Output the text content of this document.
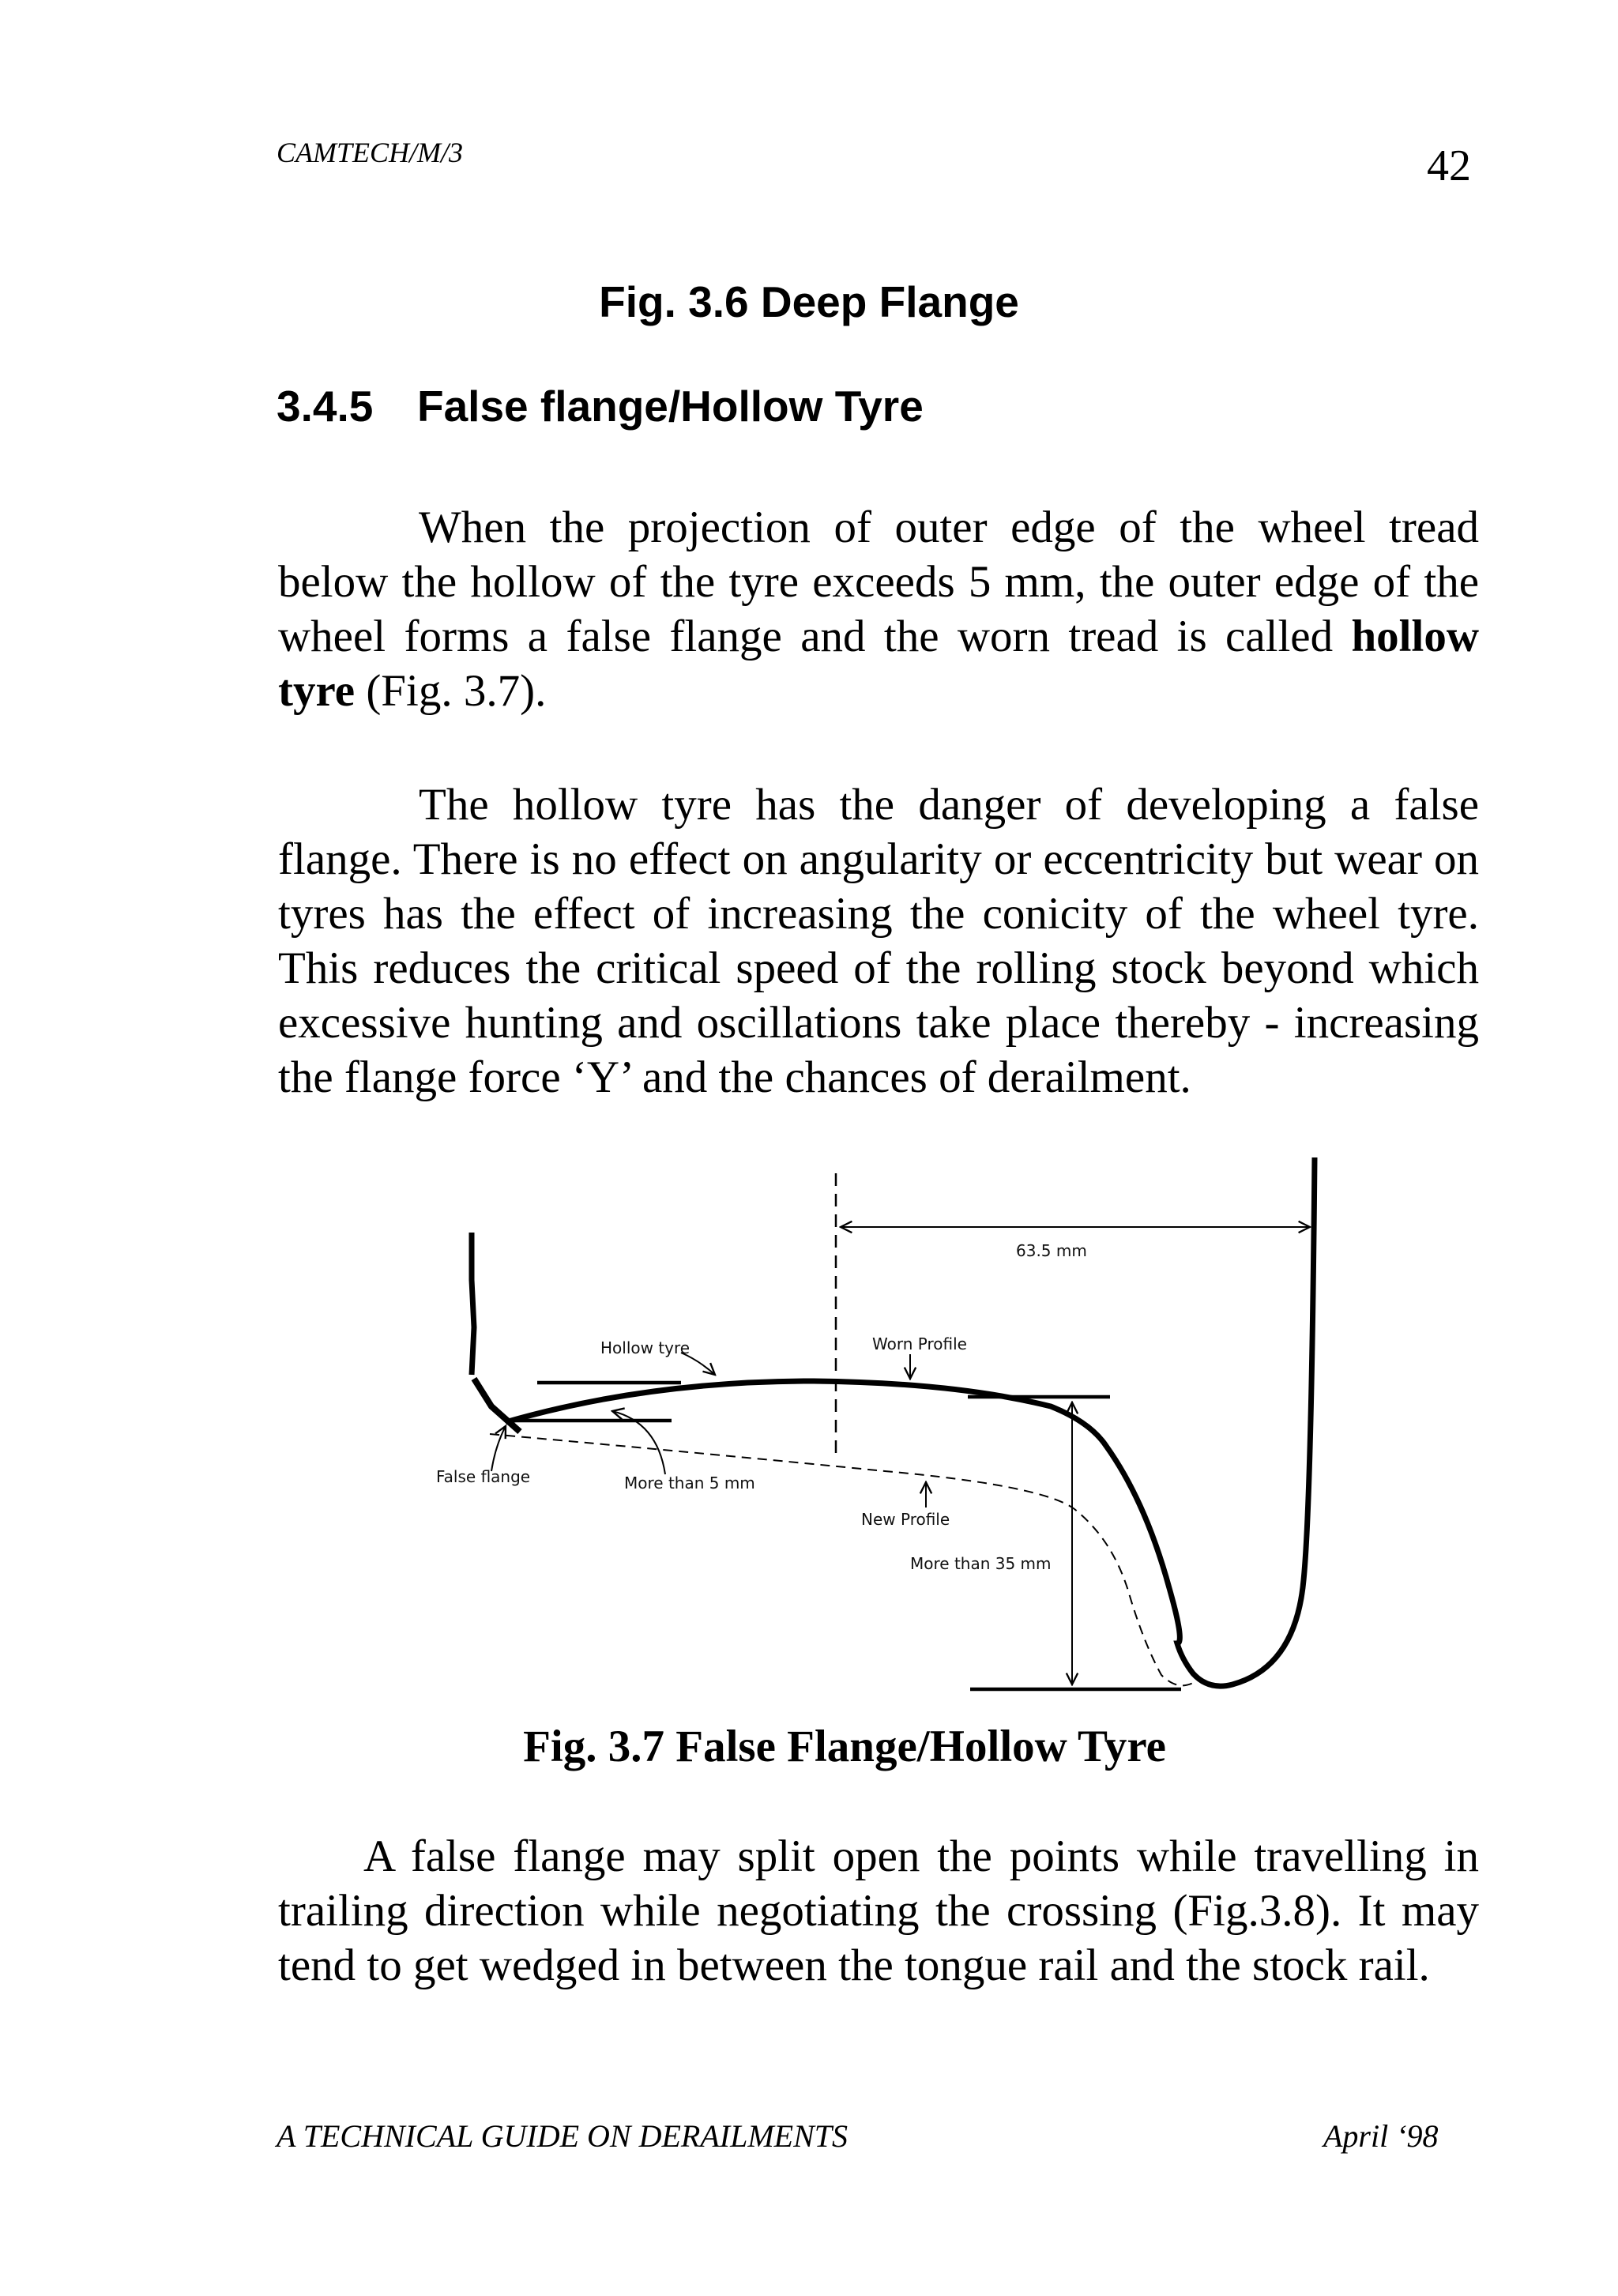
CAMTECH/M/3	42
Fig. 3.6 Deep Flange
3.4.5 False flange/Hollow Tyre
When the projection of outer edge of the wheel tread below the hollow of the tyre exceeds 5 mm, the outer edge of the wheel forms a false flange and the worn tread is called hollow tyre (Fig. 3.7).
The hollow tyre has the danger of developing a false flange. There is no effect on angularity or eccentricity but wear on tyres has the effect of increasing the conicity of the wheel tyre. This reduces the critical speed of the rolling stock beyond which excessive hunting and oscillations take place thereby - increasing the flange force ‘Y’ and the chances of derailment.
63.5 mm
Hollow tyre	Worn Profile
False flange	More than 5 mm
New Profile
More than 35 mm
Fig. 3.7 False Flange/Hollow Tyre
A false flange may split open the points while travelling in trailing direction while negotiating the crossing (Fig.3.8). It may tend to get wedged in between the tongue rail and the stock rail.
A TECHNICAL GUIDE ON DERAILMENTS	April ‘98
